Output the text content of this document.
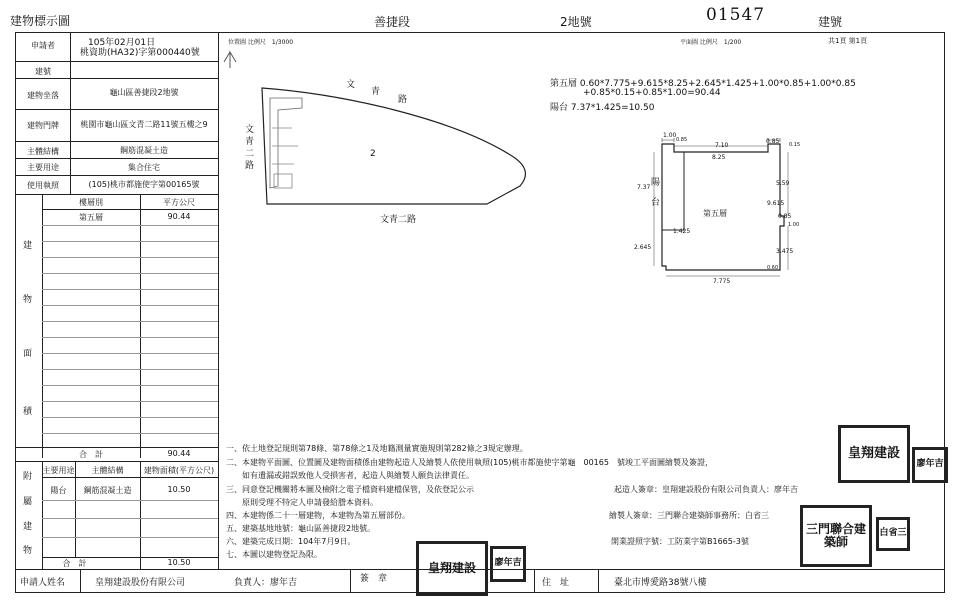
建物標示圖	善捷段	2地號	01547	建號
申請者	105年02月01日
桃資助(HA32)字第000440號
建號
建物坐落	龜山區善捷段2地號
建物門牌	桃園市龜山區文青二路11號五樓之9
主體結構	鋼筋混凝土造
主要用途	集合住宅
使用執照	(105)桃市都施使字第00165號
樓層別	平方公尺
第五層	90.44
建
物
面
積
合　計	90.44
主要用途	主體結構	建物面積(平方公尺)
陽台	鋼筋混凝土造	10.50
附
屬
建
物
合　計	10.50
位置圖 比例尺　1/3000
文
青
路
文
青
二
路
文青二路
2
平面圖 比例尺　1/200	共1頁 第1頁
第五層 0.60*7.775+9.615*8.25+2.645*1.425+1.00*0.85+1.00*0.85
+0.85*0.15+0.85*1.00=90.44
陽台 7.37*1.425=10.50
1.00
0.85
7.10
8.25
0.85 0.15
7.37
1.425
2.645
5.59
9.615
0.85
1.00
3.475
0.60
7.775
陽
台
第五層
一、依土地登記規則第78條、第78條之1及地籍測量實施規則第282條之3規定辦理。
二、本建物平面圖、位置圖及建物面積係由建物起造人及繪製人依使用執照(105)桃市都施使字第龜　00165　號竣工平面圖繪製及簽證，
　　如有遺漏或錯誤致他人受損害者，起造人與繪製人願負法律責任。
三、同意登記機關將本圖及檢附之電子檔資料建檔保管，及依登記公示
　　原則受理不特定人申請發給謄本資料。
四、本建物係二十一層建物，本建物為第五層部份。
五、建築基地地號：龜山區善捷段2地號。
六、建築完成日期：104年7月9日。
七、本圖以建物登記為限。
起造人簽章：皇翔建設股份有限公司負責人：廖年吉
繪製人簽章：三門聯合建築師事務所：白省三
開業證照字號：工防業字第B1665-3號
皇翔建設
廖年吉
三門聯合建築師
白省三
皇翔建設	廖年吉
申請人姓名	皇翔建設股份有限公司	負責人：廖年吉	簽　章	住　址	臺北市博愛路38號八樓
